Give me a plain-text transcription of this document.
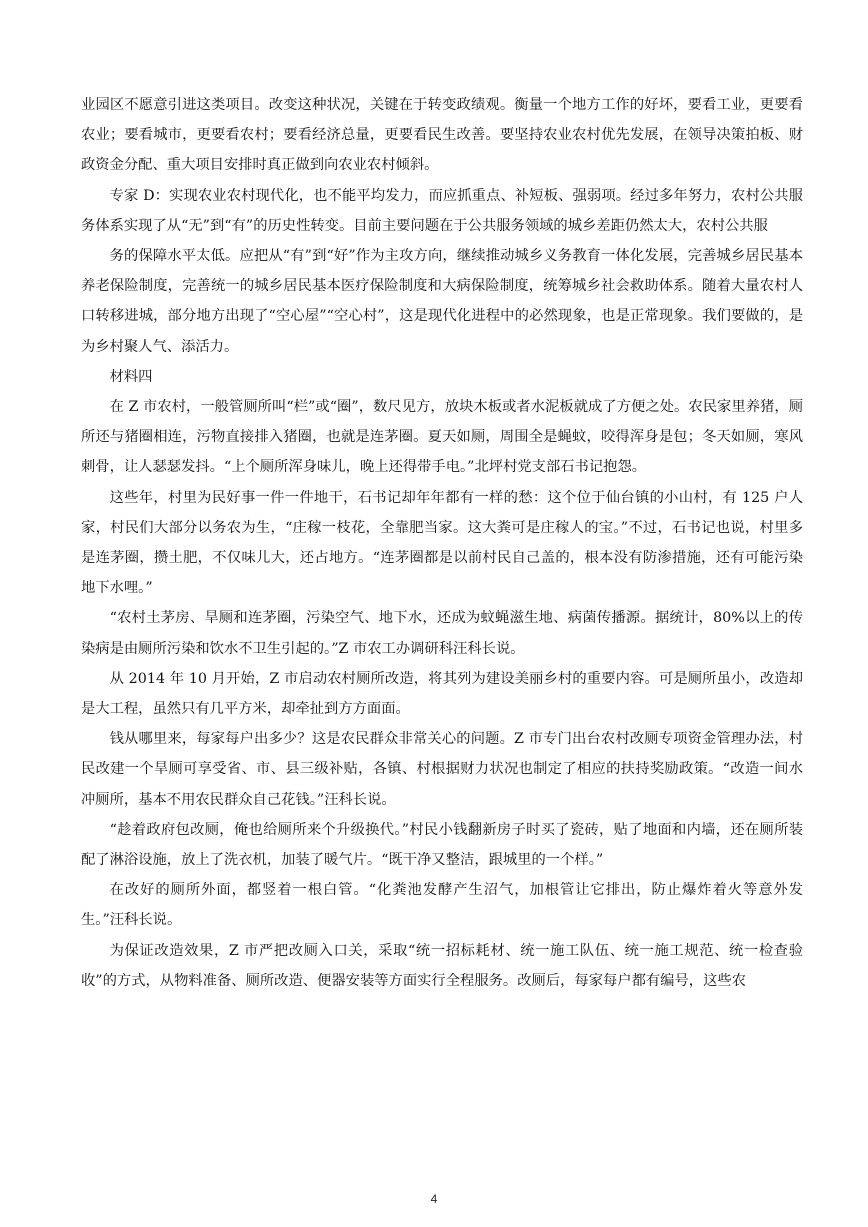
业园区不愿意引进这类项目。改变这种状况，关键在于转变政绩观。衡量一个地方工作的好坏，要看工业，更要看农业；要看城市，更要看农村；要看经济总量，更要看民生改善。要坚持农业农村优先发展，在领导决策拍板、财政资金分配、重大项目安排时真正做到向农业农村倾斜。

专家 D：实现农业农村现代化，也不能平均发力，而应抓重点、补短板、强弱项。经过多年努力，农村公共服务体系实现了从“无”到“有”的历史性转变。目前主要问题在于公共服务领域的城乡差距仍然太大，农村公共服

务的保障水平太低。应把从“有”到“好”作为主攻方向，继续推动城乡义务教育一体化发展，完善城乡居民基本养老保险制度，完善统一的城乡居民基本医疗保险制度和大病保险制度，统筹城乡社会救助体系。随着大量农村人口转移进城，部分地方出现了“空心屋”“空心村”，这是现代化进程中的必然现象，也是正常现象。我们要做的，是为乡村聚人气、添活力。

材料四

在 Z 市农村，一般管厕所叫“栏”或“圈”，数尺见方，放块木板或者水泥板就成了方便之处。农民家里养猪，厕所还与猪圈相连，污物直接排入猪圈，也就是连茅圈。夏天如厕，周围全是蝇蚊，咬得浑身是包；冬天如厕，寒风刺骨，让人瑟瑟发抖。“上个厕所浑身味儿，晚上还得带手电。”北坪村党支部石书记抱怨。

这些年，村里为民好事一件一件地干，石书记却年年都有一样的愁：这个位于仙台镇的小山村，有 125 户人家，村民们大部分以务农为生，“庄稼一枝花，全靠肥当家。这大粪可是庄稼人的宝。”不过，石书记也说，村里多是连茅圈，攒土肥，不仅味儿大，还占地方。“连茅圈都是以前村民自己盖的，根本没有防渗措施，还有可能污染地下水哩。”

“农村土茅房、旱厕和连茅圈，污染空气、地下水，还成为蚊蝇滋生地、病菌传播源。据统计，80%以上的传染病是由厕所污染和饮水不卫生引起的。”Z 市农工办调研科汪科长说。

从 2014 年 10 月开始，Z 市启动农村厕所改造，将其列为建设美丽乡村的重要内容。可是厕所虽小，改造却是大工程，虽然只有几平方米，却牵扯到方方面面。

钱从哪里来，每家每户出多少？这是农民群众非常关心的问题。Z 市专门出台农村改厕专项资金管理办法，村民改建一个旱厕可享受省、市、县三级补贴，各镇、村根据财力状况也制定了相应的扶持奖励政策。“改造一间水冲厕所，基本不用农民群众自己花钱。”汪科长说。

“趁着政府包改厕，俺也给厕所来个升级换代。”村民小钱翻新房子时买了瓷砖，贴了地面和内墙，还在厕所装配了淋浴设施，放上了洗衣机，加装了暖气片。“既干净又整洁，跟城里的一个样。”

在改好的厕所外面，都竖着一根白管。“化粪池发酵产生沼气，加根管让它排出，防止爆炸着火等意外发生。”汪科长说。

为保证改造效果，Z 市严把改厕入口关，采取“统一招标耗材、统一施工队伍、统一施工规范、统一检查验收”的方式，从物料准备、厕所改造、便器安装等方面实行全程服务。改厕后，每家每户都有编号，这些农

4
